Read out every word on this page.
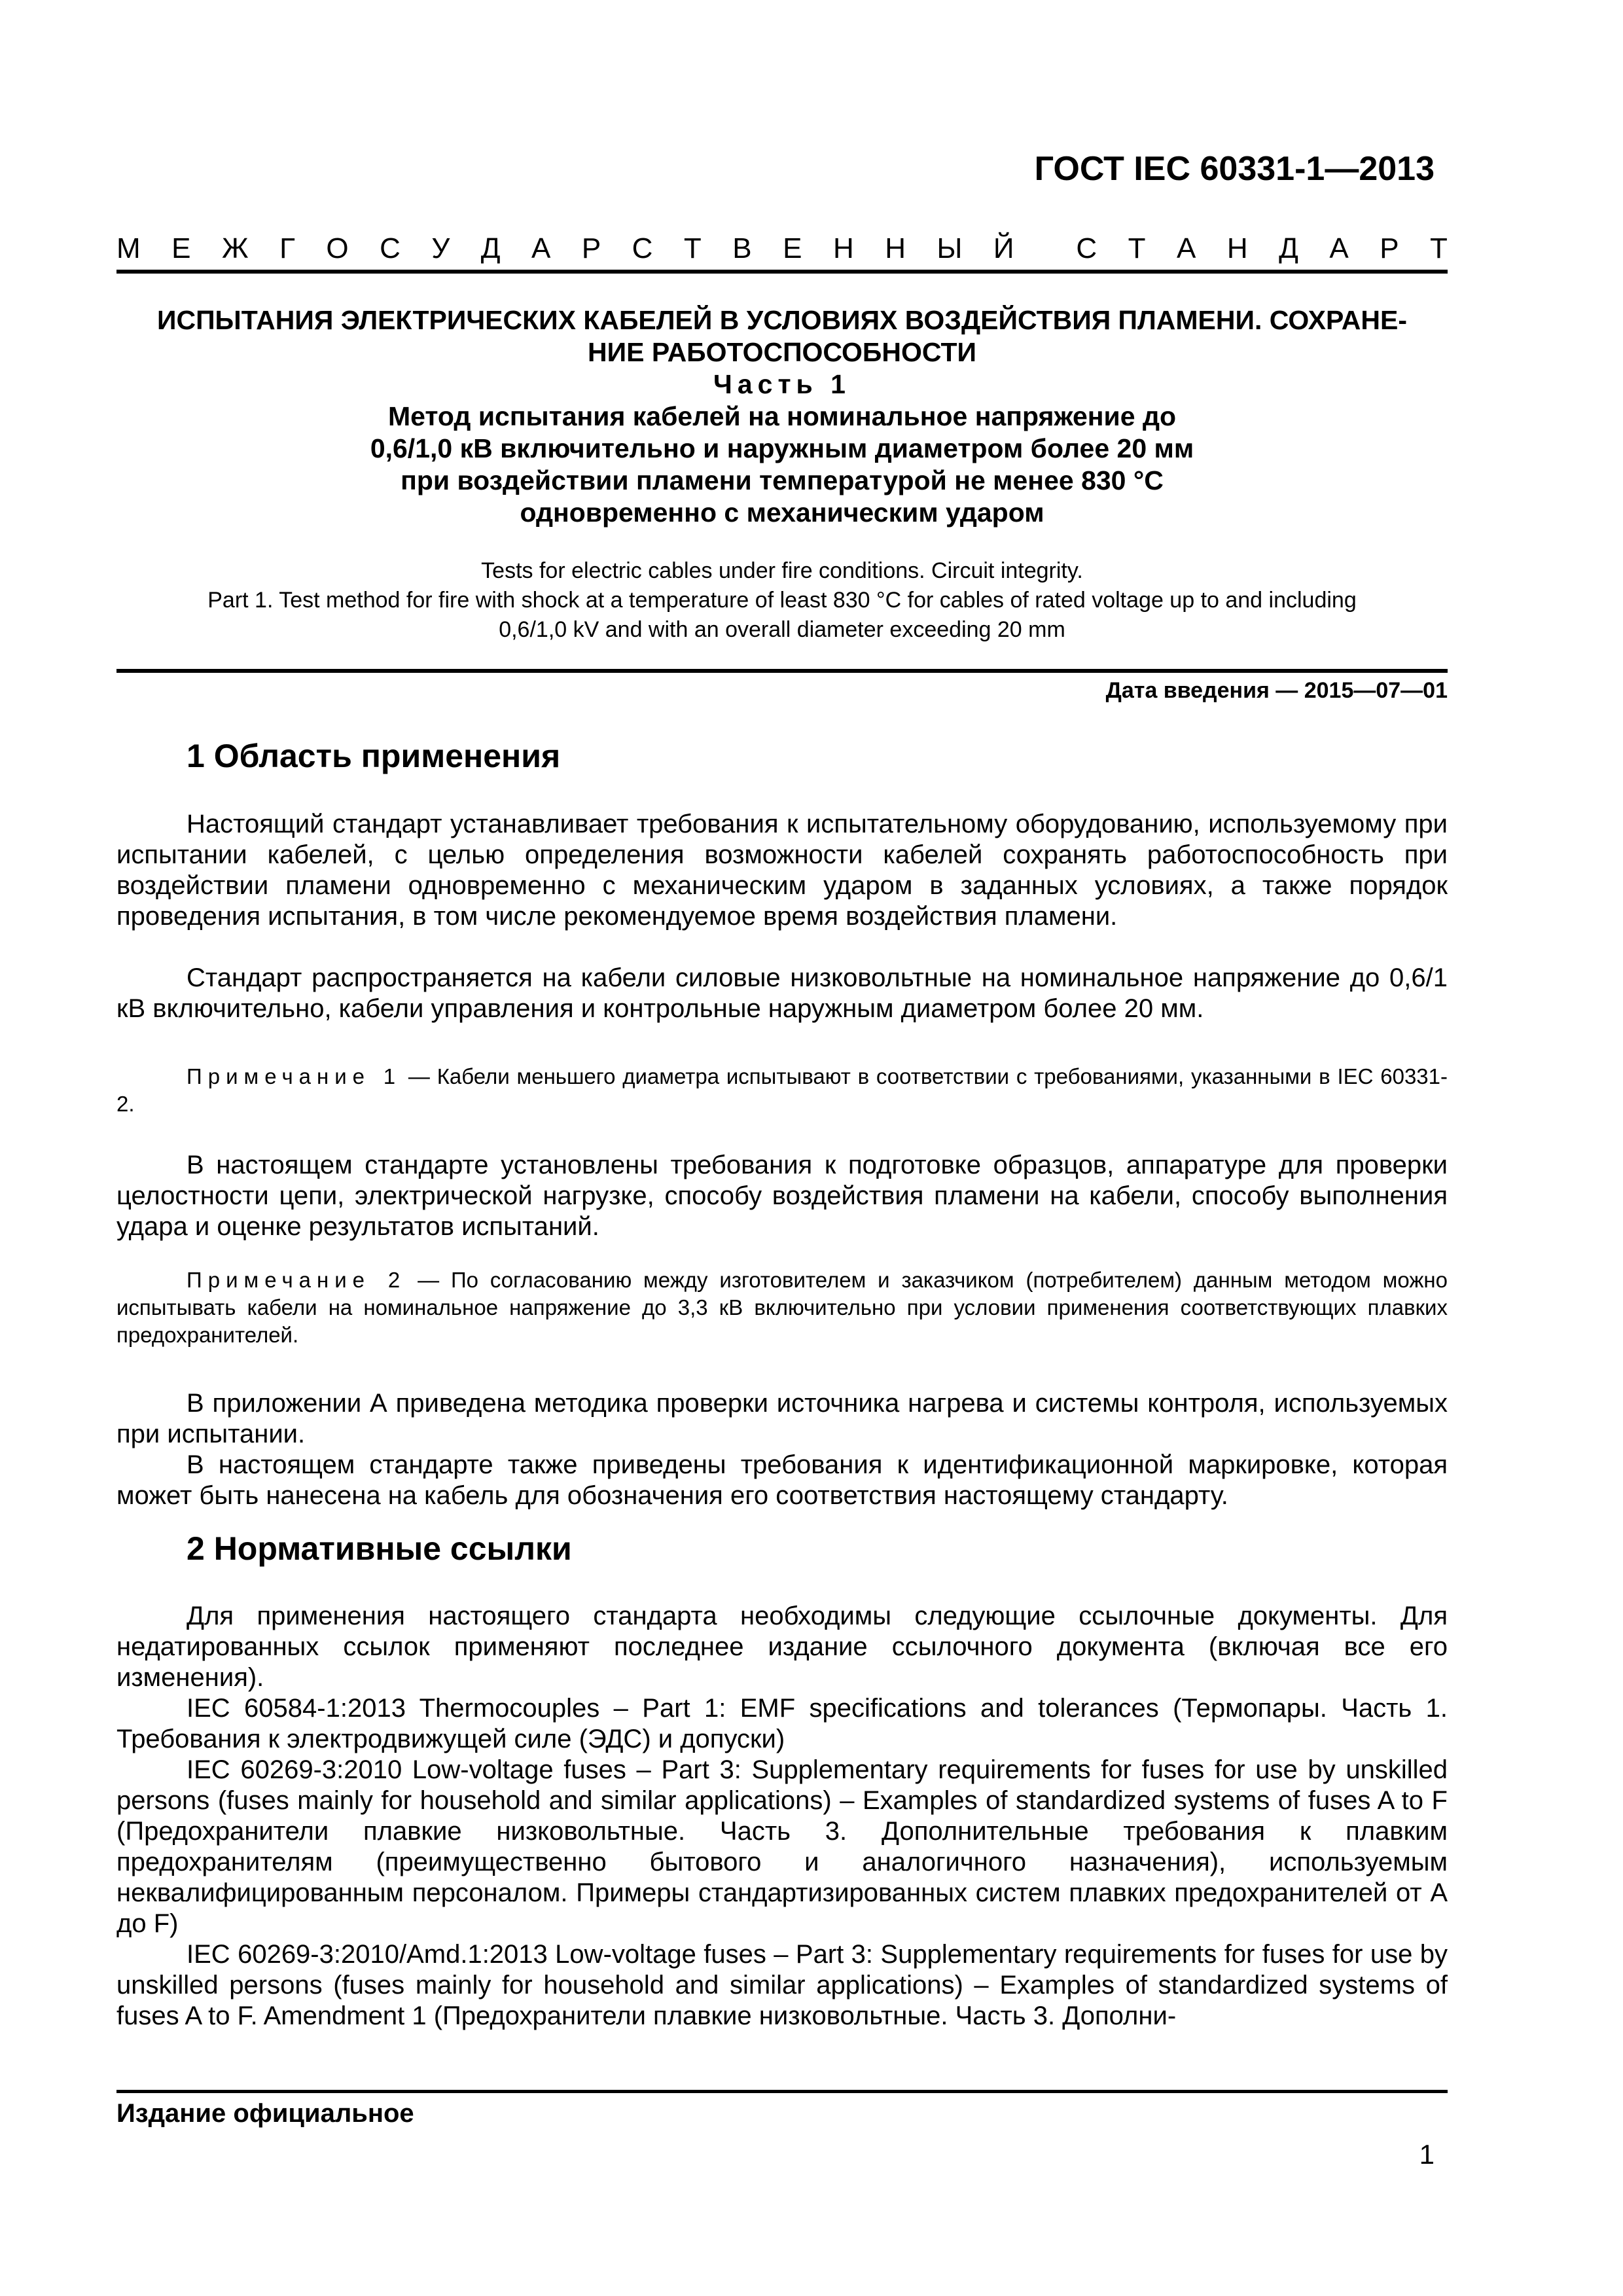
ГОСТ IEC 60331-1—2013
М Е Ж Г О С У Д А Р С Т В Е Н Н Ы Й С Т А Н Д А Р Т
ИСПЫТАНИЯ ЭЛЕКТРИЧЕСКИХ КАБЕЛЕЙ В УСЛОВИЯХ ВОЗДЕЙСТВИЯ ПЛАМЕНИ. СОХРАНЕ-
НИЕ РАБОТОСПОСОБНОСТИ
Часть 1
Метод испытания кабелей на номинальное напряжение до
0,6/1,0 кВ включительно и наружным диаметром более 20 мм
при воздействии пламени температурой не менее 830 °С
одновременно с механическим ударом
Tests for electric cables under fire conditions. Circuit integrity.
Part 1. Test method for fire with shock at a temperature of least 830 °C for cables of rated voltage up to and including
0,6/1,0 kV and with an overall diameter exceeding 20 mm
Дата введения — 2015—07—01
1 Область применения

Настоящий стандарт устанавливает требования к испытательному оборудованию, используемому при испытании кабелей, с целью определения возможности кабелей сохранять работоспособность при воздействии пламени одновременно с механическим ударом в заданных условиях, а также порядок проведения испытания, в том числе рекомендуемое время воздействия пламени.

Стандарт распространяется на кабели силовые низковольтные на номинальное напряжение до 0,6/1 кВ включительно, кабели управления и контрольные наружным диаметром более 20 мм.

Примечание 1 — Кабели меньшего диаметра испытывают в соответствии с требованиями, указанными в IEC 60331-2.

В настоящем стандарте установлены требования к подготовке образцов, аппаратуре для проверки целостности цепи, электрической нагрузке, способу воздействия пламени на кабели, способу выполнения удара и оценке результатов испытаний.

Примечание 2 — По согласованию между изготовителем и заказчиком (потребителем) данным методом можно испытывать кабели на номинальное напряжение до 3,3 кВ включительно при условии применения соответствующих плавких предохранителей.

В приложении А приведена методика проверки источника нагрева и системы контроля, используемых при испытании.

В настоящем стандарте также приведены требования к идентификационной маркировке, которая может быть нанесена на кабель для обозначения его соответствия настоящему стандарту.

2 Нормативные ссылки

Для применения настоящего стандарта необходимы следующие ссылочные документы. Для недатированных ссылок применяют последнее издание ссылочного документа (включая все его изменения).

IEC 60584-1:2013 Thermocouples – Part 1: EMF specifications and tolerances (Термопары. Часть 1. Требования к электродвижущей силе (ЭДС) и допуски)

IEC 60269-3:2010 Low-voltage fuses – Part 3: Supplementary requirements for fuses for use by unskilled persons (fuses mainly for household and similar applications) – Examples of standardized systems of fuses A to F (Предохранители плавкие низковольтные. Часть 3. Дополнительные требования к плавким предохранителям (преимущественно бытового и аналогичного назначения), используемым неквалифицированным персоналом. Примеры стандартизированных систем плавких предохранителей от А до F)

IEC 60269-3:2010/Amd.1:2013 Low-voltage fuses – Part 3: Supplementary requirements for fuses for use by unskilled persons (fuses mainly for household and similar applications) – Examples of standardized systems of fuses A to F. Amendment 1 (Предохранители плавкие низковольтные. Часть 3. Дополни-

Издание официальное
1
